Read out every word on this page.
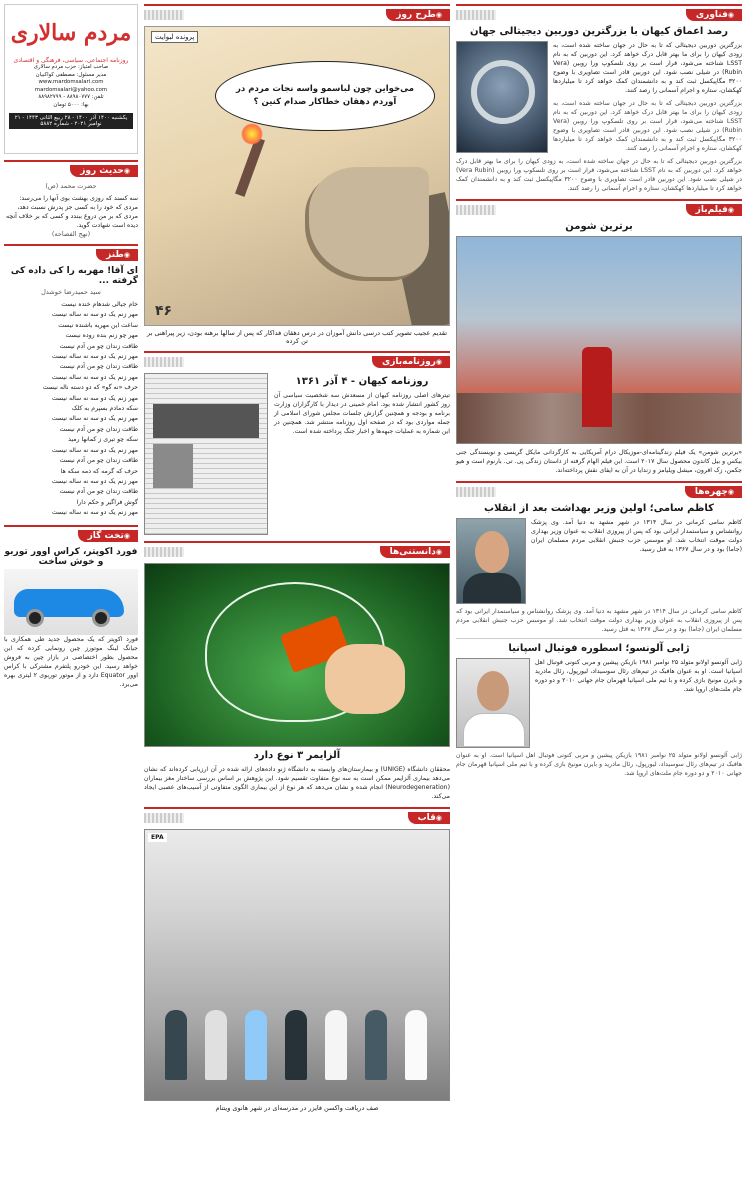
مردم سالاری
روزنامه اجتماعی، سیاسی، فرهنگی و اقتصادی
صاحب امتیاز: حزب مردم سالاری
مدیر مسئول: مصطفی کواکبیان
www.mardomsalari.com
mardomsalari@yahoo.com
تلفن: ۸۸۹۸۰۷۷۷ - ۸۸۹۸۲۷۹۹
بها: ۵۰۰۰ تومان
یکشنبه ۱۴۰۰ آذر ۱۴۰۰ - ۲۸ ربیع الثانی ۱۴۴۳ - ۲۱ نوامبر ۲۰۲۱ - شماره ۵۸۸۲
◉ حدیث روز
حضرت محمد (ص)
سه کسند که روزی بهشت بوی آنها را می‌رسد: مردی که خود را به کسی جز پدرش نسبت دهد، مردی که بر من دروغ ببندد و کسی که بر خلاف آنچه دیده است شهادت گوید.
(نهج الفصاحه)
◉ طنز
ای آقا! مهربه را کی داده کی گرفته ...
سید حمیدرضا خوشدل
خام جیالی شدهام خنده نیست
مهر زنم یک دو سه نه ساله نیست
ساعت این مهریه باشنده نیست
مهر چو زنم بنده روده نیست
طاقت زندان چو من آدم نیست
مهر زنم یک دو سه نه ساله نیست
طاقت زندان چو من آدم نیست
مهر زنم یک دو سه نه ساله نیست
حرف «نه گو» که دو دسته ناله نیست
مهر زنم یک دو سه نه ساله نیست
سکه دمادم بسپرم به کلک
مهر زنم یک دو سه نه ساله نیست
طاقت زندان چو من آدم نیست
سکه چو تیری ز کمانها رمید
مهر زنم یک دو سه نه ساله نیست
طاقت زندان چو من آدم نیست
حرف که گرمه که دمه سکه ها
مهر زنم یک دو سه نه ساله نیست
طاقت زندان چو من آدم نیست
گوش فراگیر و حکم دارا
مهر زنم یک دو سه نه ساله نیست
◉ تخت گاز
فورد اکوپتر، کراس اوور توربو و خوش ساخت
فورد اکوپتر که یک محصول جدید طی همکاری با جیانگ لینگ موتورز چین رونمایی کرده که این محصول بطور اختصاصی در بازار چین به فروش خواهد رسید. این خودرو پلتفرم مشترکی با کراس اوور Equator دارد و از موتور توربوی ۲ لیتری بهره می‌برد.
◉ طرح روز
پرونده لبوایت
می‌خواین چون لباسمو واسه نجات مردم در آوردم دهقان خطاکار صدام کنین ؟
۴۶
تقدیم عجیب تصویر کتب درسی دانش آموزان در درس دهقان فداکار که پس از سالها برهنه بودن، زیر پیراهنی بر تن کرده
◉ روزنامه‌بازی
روزنامه کیهان - ۴ آذر ۱۳۶۱
تیترهای اصلی روزنامه کیهان از مسعدش سه شخصیت سیاسی آن روز کشور انتشار شده بود. امام خمینی در دیدار با کارگزاران وزارت برنامه و بودجه و همچنین گزارش جلسات مجلس شورای اسلامی از جمله مواردی بود که در صفحه اول روزنامه منتشر شد. همچنین در این شماره به عملیات جبهه‌ها و اخبار جنگ پرداخته شده است.
◉ دانستنی‌ها
آلزایمر ۳ نوع دارد
محققان دانشگاه (UNIGE) و بیمارستان‌های وابسته به دانشگاه ژنو داده‌های ارائه شده در آن ارزیابی کرده‌اند که نشان می‌دهد بیماری آلزایمر ممکن است به سه نوع متفاوت تقسیم شود. این پژوهش بر اساس بررسی ساختار مغز بیماران (Neurodegeneration) انجام شده و نشان می‌دهد که هر نوع از این بیماری الگوی متفاوتی از آسیب‌های عصبی ایجاد می‌کند.
◉ قاب
EPA
صف دریافت واکسن فایزر در مدرسه‌ای در شهر هانوی ویتنام
◉ فناوری
رصد اعماق کیهان با بزرگترین دوربین دیجیتالی جهان
بزرگترین دوربین دیجیتالی که تا به حال در جهان ساخته شده است، به زودی کیهان را برای ما بهتر قابل درک خواهد کرد. این دوربین که به نام LSST شناخته می‌شود، قرار است بر روی تلسکوپ ورا روبین (Vera Rubin) در شیلی نصب شود. این دوربین قادر است تصاویری با وضوح ۳۲۰۰ مگاپیکسل ثبت کند و به دانشمندان کمک خواهد کرد تا میلیاردها کهکشان، ستاره و اجرام آسمانی را رصد کنند.
بزرگترین دوربین دیجیتالی که تا به حال در جهان ساخته شده است، به زودی کیهان را برای ما بهتر قابل درک خواهد کرد. این دوربین که به نام LSST شناخته می‌شود، قرار است بر روی تلسکوپ ورا روبین (Vera Rubin) در شیلی نصب شود. این دوربین قادر است تصاویری با وضوح ۳۲۰۰ مگاپیکسل ثبت کند و به دانشمندان کمک خواهد کرد تا میلیاردها کهکشان، ستاره و اجرام آسمانی را رصد کنند.
بزرگترین دوربین دیجیتالی که تا به حال در جهان ساخته شده است، به زودی کیهان را برای ما بهتر قابل درک خواهد کرد. این دوربین که به نام LSST شناخته می‌شود، قرار است بر روی تلسکوپ ورا روبین (Vera Rubin) در شیلی نصب شود. این دوربین قادر است تصاویری با وضوح ۳۲۰۰ مگاپیکسل ثبت کند و به دانشمندان کمک خواهد کرد تا میلیاردها کهکشان، ستاره و اجرام آسمانی را رصد کنند.
◉ فیلم‌باز
برترین شومن
«برترین شومن» یک فیلم زندگینامه‌ای-موزیکال درام آمریکایی به کارگردانی مایکل گریسی و نویسندگی جنی بیکس و بیل کاندون محصول سال ۲۰۱۷ است. این فیلم الهام گرفته از داستان زندگی پی. تی. بارنوم است و هیو جکمن، زک افرون، میشل ویلیامز و زندایا در آن به ایفای نقش پرداخته‌اند.
◉ چهره‌ها
کاظم سامی؛ اولین وزیر بهداشت بعد از انقلاب
کاظم سامی کرمانی در سال ۱۳۱۴ در شهر مشهد به دنیا آمد. وی پزشک روانشناس و سیاستمدار ایرانی بود که پس از پیروزی انقلاب به عنوان وزیر بهداری دولت موقت انتخاب شد. او موسس حزب جنبش انقلابی مردم مسلمان ایران (جاما) بود و در سال ۱۳۶۷ به قتل رسید.
کاظم سامی کرمانی در سال ۱۳۱۴ در شهر مشهد به دنیا آمد. وی پزشک روانشناس و سیاستمدار ایرانی بود که پس از پیروزی انقلاب به عنوان وزیر بهداری دولت موقت انتخاب شد. او موسس حزب جنبش انقلابی مردم مسلمان ایران (جاما) بود و در سال ۱۳۶۷ به قتل رسید.
ژابی آلونسو؛ اسطوره فوتبال اسپانیا
ژابی آلونسو اولانو متولد ۲۵ نوامبر ۱۹۸۱ بازیکن پیشین و مربی کنونی فوتبال اهل اسپانیا است. او به عنوان هافبک در تیم‌های رئال سوسیداد، لیورپول، رئال مادرید و بایرن مونیخ بازی کرده و با تیم ملی اسپانیا قهرمان جام جهانی ۲۰۱۰ و دو دوره جام ملت‌های اروپا شد.
ژابی آلونسو اولانو متولد ۲۵ نوامبر ۱۹۸۱ بازیکن پیشین و مربی کنونی فوتبال اهل اسپانیا است. او به عنوان هافبک در تیم‌های رئال سوسیداد، لیورپول، رئال مادرید و بایرن مونیخ بازی کرده و با تیم ملی اسپانیا قهرمان جام جهانی ۲۰۱۰ و دو دوره جام ملت‌های اروپا شد.
